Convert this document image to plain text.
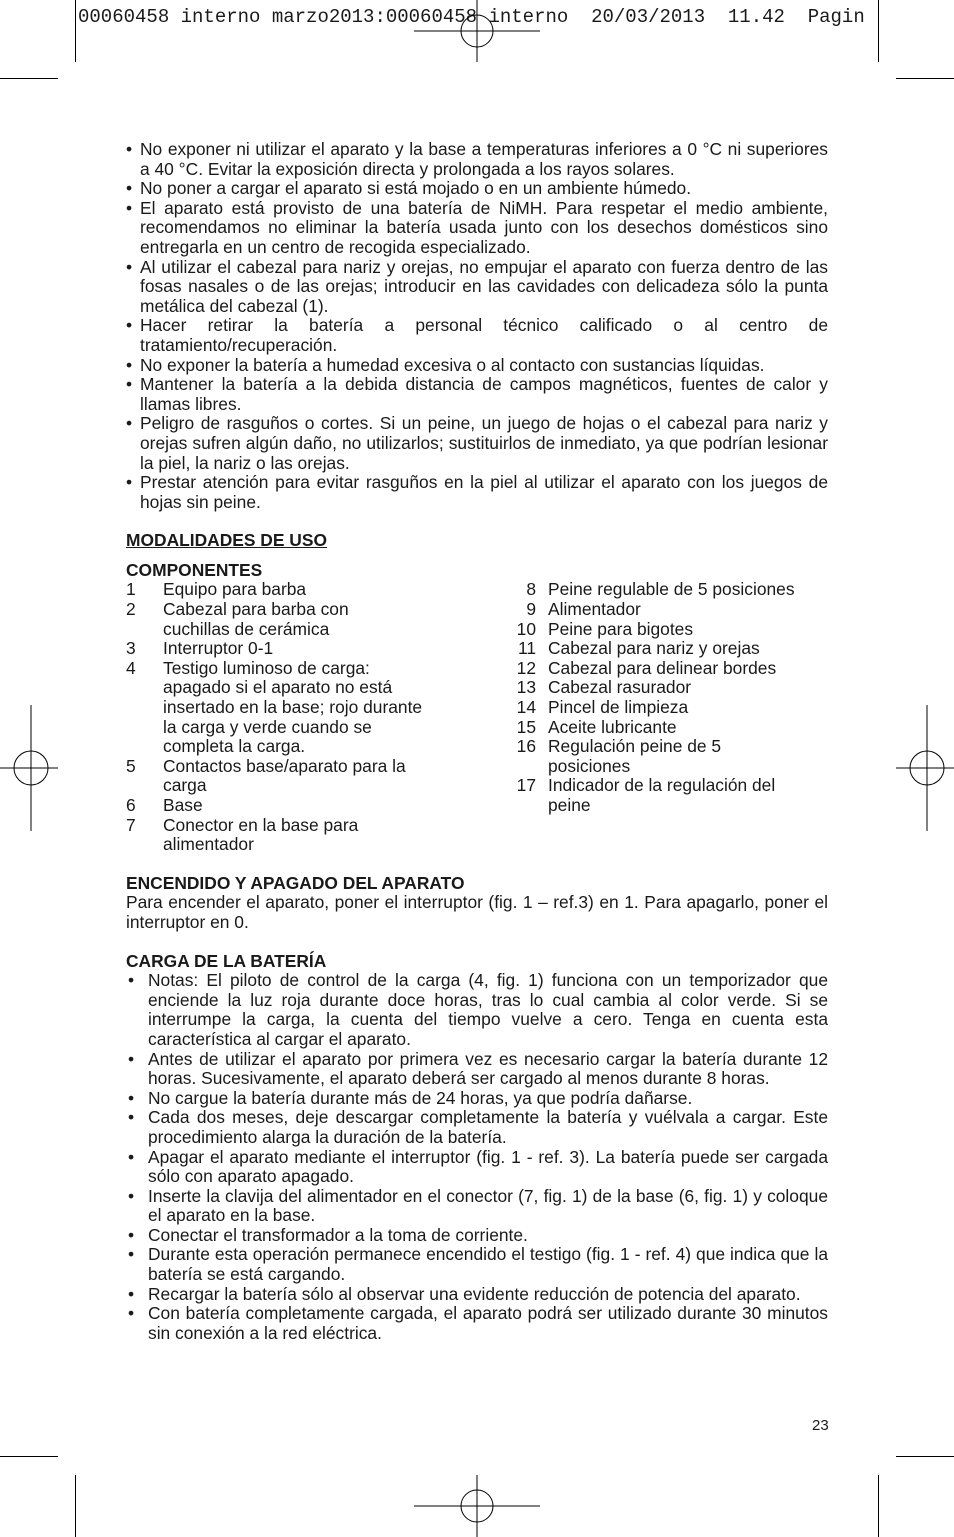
00060458 interno marzo2013:00060458 interno  20/03/2013  11.42  Pagin
• No exponer ni utilizar el aparato y la base a temperaturas inferiores a 0 °C ni superiores a 40 °C. Evitar la exposición directa y prolongada a los rayos solares.
• No poner a cargar el aparato si está mojado o en un ambiente húmedo.
• El aparato está provisto de una batería de NiMH. Para respetar el medio ambiente, recomendamos no eliminar la batería usada junto con los desechos domésticos sino entregarla en un centro de recogida especializado.
• Al utilizar el cabezal para nariz y orejas, no empujar el aparato con fuerza dentro de las fosas nasales o de las orejas; introducir en las cavidades con delicadeza sólo la punta metálica del cabezal (1).
• Hacer retirar la batería a personal técnico calificado o al centro de tratamiento/recuperación.
• No exponer la batería a humedad excesiva o al contacto con sustancias líquidas.
• Mantener la batería a la debida distancia de campos magnéticos, fuentes de calor y llamas libres.
• Peligro de rasguños o cortes. Si un peine, un juego de hojas o el cabezal para nariz y orejas sufren algún daño, no utilizarlos; sustituirlos de inmediato, ya que podrían lesionar la piel, la nariz o las orejas.
• Prestar atención para evitar rasguños en la piel al utilizar el aparato con los juegos de hojas sin peine.
MODALIDADES DE USO
COMPONENTES
1	Equipo para barba
2	Cabezal para barba con cuchillas de cerámica
3	Interruptor 0-1
4	Testigo luminoso de carga: apagado si el aparato no está insertado en la base; rojo durante la carga y verde cuando se completa la carga.
5	Contactos base/aparato para la carga
6	Base
7	Conector en la base para alimentador
8 Peine regulable de 5 posiciones
9 Alimentador
10 Peine para bigotes
11 Cabezal para nariz y orejas
12 Cabezal para delinear bordes
13 Cabezal rasurador
14 Pincel de limpieza
15 Aceite lubricante
16 Regulación peine de 5 posiciones
17 Indicador de la regulación del peine
ENCENDIDO Y APAGADO DEL APARATO
Para encender el aparato, poner el interruptor (fig. 1 – ref.3) en 1. Para apagarlo, poner el interruptor en 0.
CARGA DE LA BATERÍA
• Notas: El piloto de control de la carga (4, fig. 1) funciona con un temporizador que enciende la luz roja durante doce horas, tras lo cual cambia al color verde. Si se interrumpe la carga, la cuenta del tiempo vuelve a cero. Tenga en cuenta esta característica al cargar el aparato.
• Antes de utilizar el aparato por primera vez es necesario cargar la batería durante 12 horas. Sucesivamente, el aparato deberá ser cargado al menos durante 8 horas.
• No cargue la batería durante más de 24 horas, ya que podría dañarse.
• Cada dos meses, deje descargar completamente la batería y vuélvala a cargar. Este procedimiento alarga la duración de la batería.
• Apagar el aparato mediante el interruptor (fig. 1 - ref. 3). La batería puede ser cargada sólo con aparato apagado.
• Inserte la clavija del alimentador en el conector (7, fig. 1) de la base (6, fig. 1) y coloque el aparato en la base.
• Conectar el transformador a la toma de corriente.
• Durante esta operación permanece encendido el testigo (fig. 1 - ref. 4) que indica que la batería se está cargando.
• Recargar la batería sólo al observar una evidente reducción de potencia del aparato.
• Con batería completamente cargada, el aparato podrá ser utilizado durante 30 minutos sin conexión a la red eléctrica.
23
